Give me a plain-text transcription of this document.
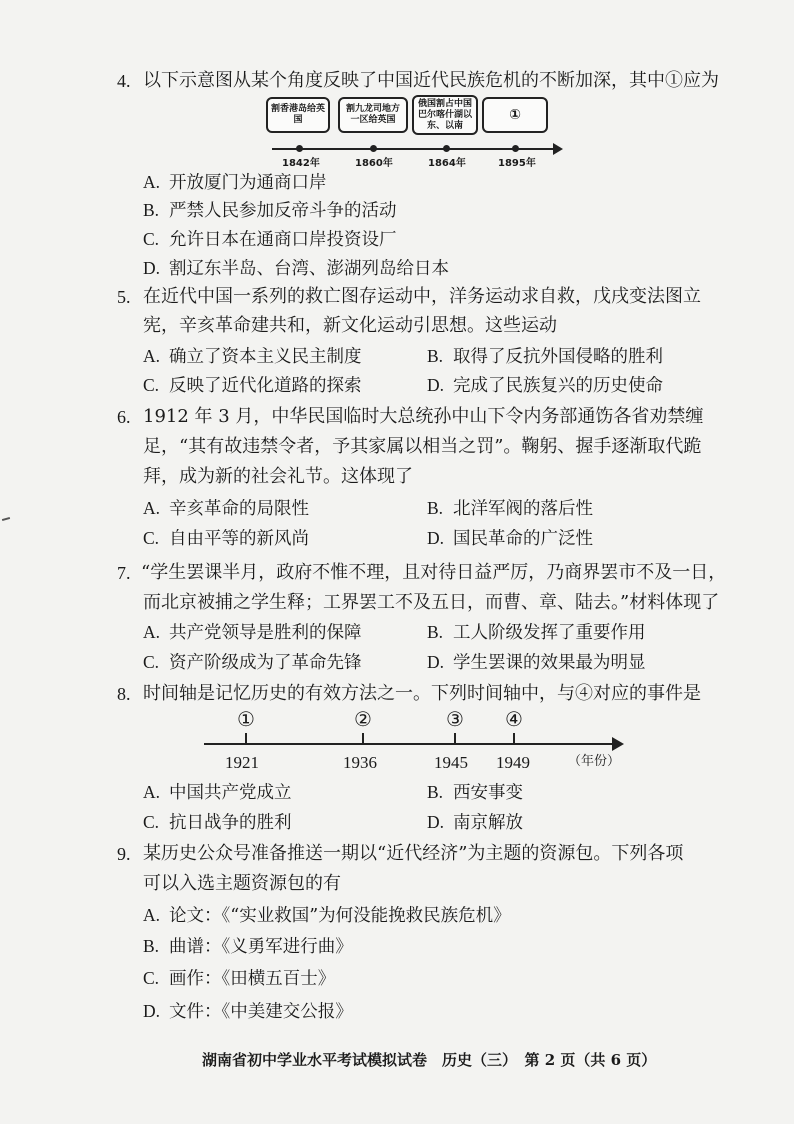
4. 以下示意图从某个角度反映了中国近代民族危机的不断加深，其中①应为
割香港岛给英国
割九龙司地方一区给英国
俄国割占中国巴尔喀什湖以东、以南
①
1842年	1860年	1864年	1895年
A. 开放厦门为通商口岸
B. 严禁人民参加反帝斗争的活动
C. 允许日本在通商口岸投资设厂
D. 割辽东半岛、台湾、澎湖列岛给日本
5. 在近代中国一系列的救亡图存运动中，洋务运动求自救，戊戌变法图立
宪，辛亥革命建共和，新文化运动引思想。这些运动
A. 确立了资本主义民主制度	B. 取得了反抗外国侵略的胜利
C. 反映了近代化道路的探索	D. 完成了民族复兴的历史使命
6. 1912 年 3 月，中华民国临时大总统孙中山下令内务部通饬各省劝禁缠
足，“其有故违禁令者，予其家属以相当之罚”。鞠躬、握手逐渐取代跪
拜，成为新的社会礼节。这体现了
A. 辛亥革命的局限性	B. 北洋军阀的落后性
C. 自由平等的新风尚	D. 国民革命的广泛性
7. “学生罢课半月，政府不惟不理，且对待日益严厉，乃商界罢市不及一日，
而北京被捕之学生释；工界罢工不及五日，而曹、章、陆去。”材料体现了
A. 共产党领导是胜利的保障	B. 工人阶级发挥了重要作用
C. 资产阶级成为了革命先锋	D. 学生罢课的效果最为明显
8. 时间轴是记忆历史的有效方法之一。下列时间轴中，与④对应的事件是
①	②	③ ④
1921	1936	1945 1949	（年份）
A. 中国共产党成立	B. 西安事变
C. 抗日战争的胜利	D. 南京解放
9. 某历史公众号准备推送一期以“近代经济”为主题的资源包。下列各项
可以入选主题资源包的有
A. 论文：《“实业救国”为何没能挽救民族危机》
B. 曲谱：《义勇军进行曲》
C. 画作：《田横五百士》
D. 文件：《中美建交公报》
湖南省初中学业水平考试模拟试卷　历史（三）　第 2 页（共 6 页）
